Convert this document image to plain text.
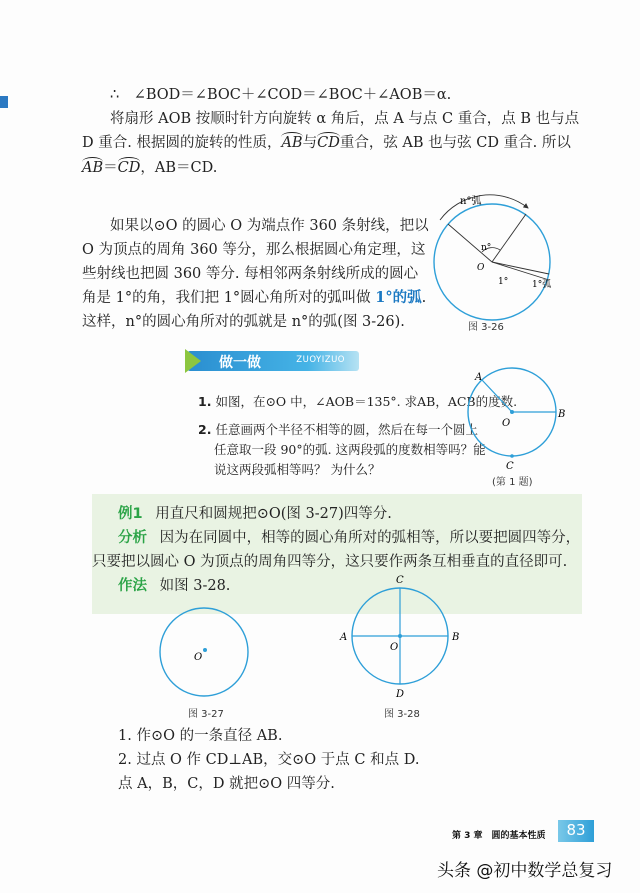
∴　∠BOD＝∠BOC＋∠COD＝∠BOC＋∠AOB＝α.
将扇形 AOB 按顺时针方向旋转 α 角后，点 A 与点 C 重合，点 B 也与点
D 重合. 根据圆的旋转的性质，AB与CD重合，弦 AB 也与弦 CD 重合. 所以
AB＝CD，AB＝CD.
如果以⊙O 的圆心 O 为端点作 360 条射线，把以
O 为顶点的周角 360 等分，那么根据圆心角定理，这
些射线也把圆 360 等分. 每相邻两条射线所成的圆心
角是 1°的角，我们把 1°圆心角所对的弧叫做 1°的弧.
这样，n°的圆心角所对的弧就是 n°的弧(图 3-26).
n°弧
n°
O
1°	1°弧
图 3-26
做一做	ZUOYIZUO
1. 如图，在⊙O 中，∠AOB＝135°. 求AB，ACB的度数.
2. 任意画两个半径不相等的圆，然后在每一个圆上
任意取一段 90°的弧. 这两段弧的度数相等吗？能
说这两段弧相等吗？ 为什么？
A
B
O
C
(第 1 题)
例1 用直尺和圆规把⊙O(图 3-27)四等分.
分析 因为在同圆中，相等的圆心角所对的弧相等，所以要把圆四等分，
只要把以圆心 O 为顶点的周角四等分，这只要作两条互相垂直的直径即可.
作法 如图 3-28.
O
图 3-27
C
A	B
O
D
图 3-28
1. 作⊙O 的一条直径 AB.
2. 过点 O 作 CD⊥AB，交⊙O 于点 C 和点 D.
点 A，B，C，D 就把⊙O 四等分.
第 3 章　圆的基本性质	83
头条 @初中数学总复习
